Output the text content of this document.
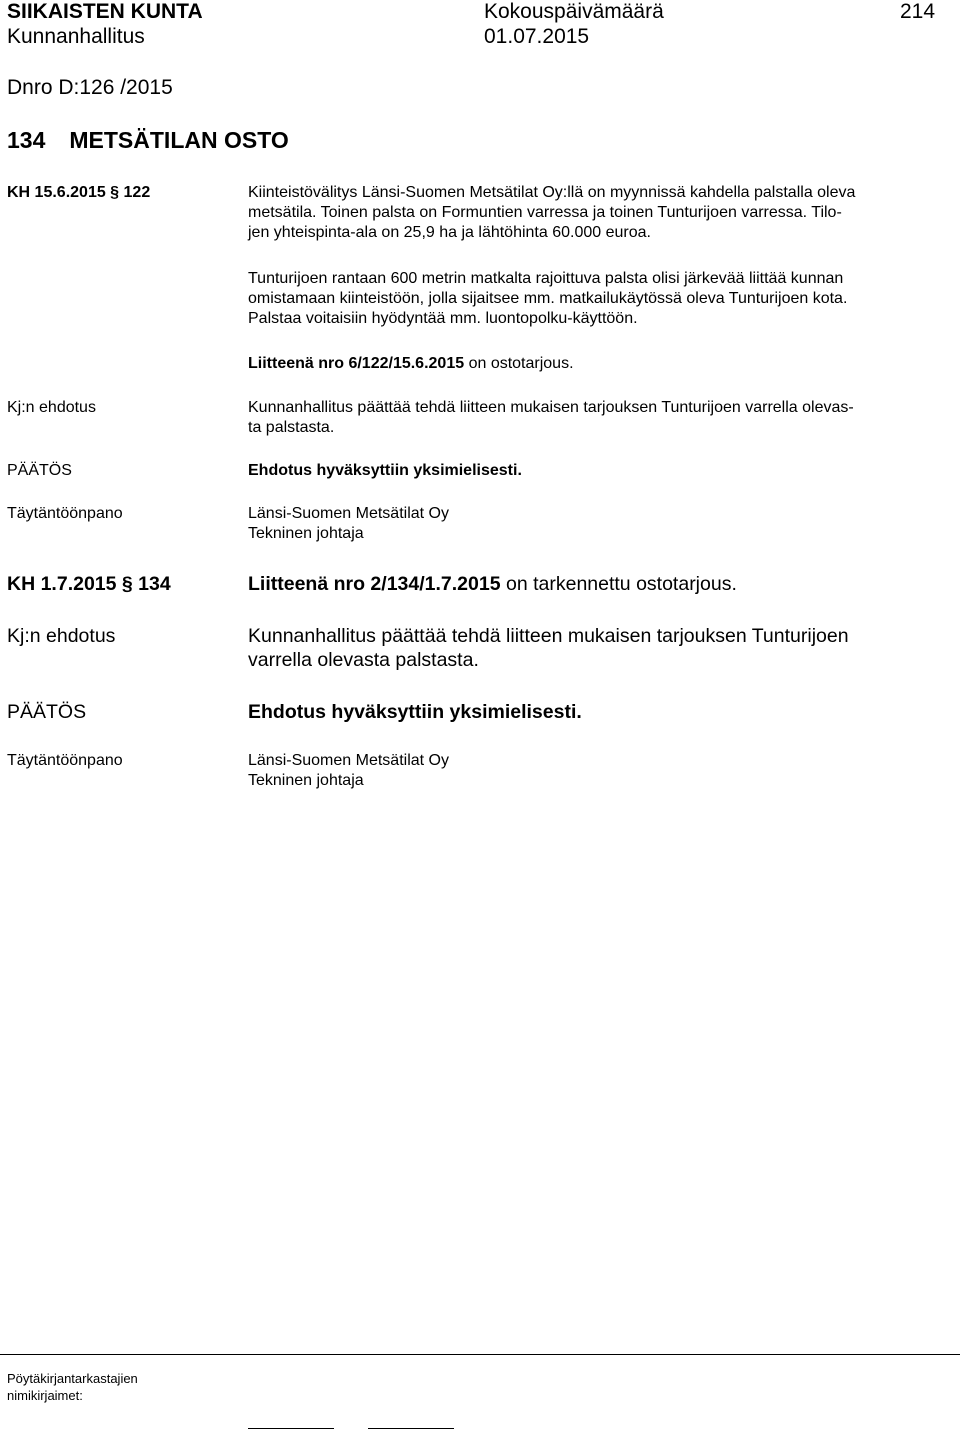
SIIKAISTEN KUNTA	Kokouspäivämäärä	214
Kunnanhallitus	01.07.2015
Dnro D:126 /2015
134 METSÄTILAN OSTO
KH 15.6.2015 § 122	Kiinteistövälitys Länsi-Suomen Metsätilat Oy:llä on myynnissä kahdella palstalla oleva
metsätila. Toinen palsta on Formuntien varressa ja toinen Tunturijoen varressa. Tilo-
jen yhteispinta-ala on 25,9 ha ja lähtöhinta 60.000 euroa.
Tunturijoen rantaan 600 metrin matkalta rajoittuva palsta olisi järkevää liittää kunnan
omistamaan kiinteistöön, jolla sijaitsee mm. matkailukäytössä oleva Tunturijoen kota.
Palstaa voitaisiin hyödyntää mm. luontopolku-käyttöön.
Liitteenä nro 6/122/15.6.2015 on ostotarjous.
Kj:n ehdotus	Kunnanhallitus päättää tehdä liitteen mukaisen tarjouksen Tunturijoen varrella olevas-
ta palstasta.
PÄÄTÖS	Ehdotus hyväksyttiin yksimielisesti.
Täytäntöönpano	Länsi-Suomen Metsätilat Oy
Tekninen johtaja
KH 1.7.2015 § 134	Liitteenä nro 2/134/1.7.2015 on tarkennettu ostotarjous.
Kj:n ehdotus	Kunnanhallitus päättää tehdä liitteen mukaisen tarjouksen Tunturijoen
varrella olevasta palstasta.
PÄÄTÖS	Ehdotus hyväksyttiin yksimielisesti.
Täytäntöönpano	Länsi-Suomen Metsätilat Oy
Tekninen johtaja
Pöytäkirjantarkastajien
nimikirjaimet:
